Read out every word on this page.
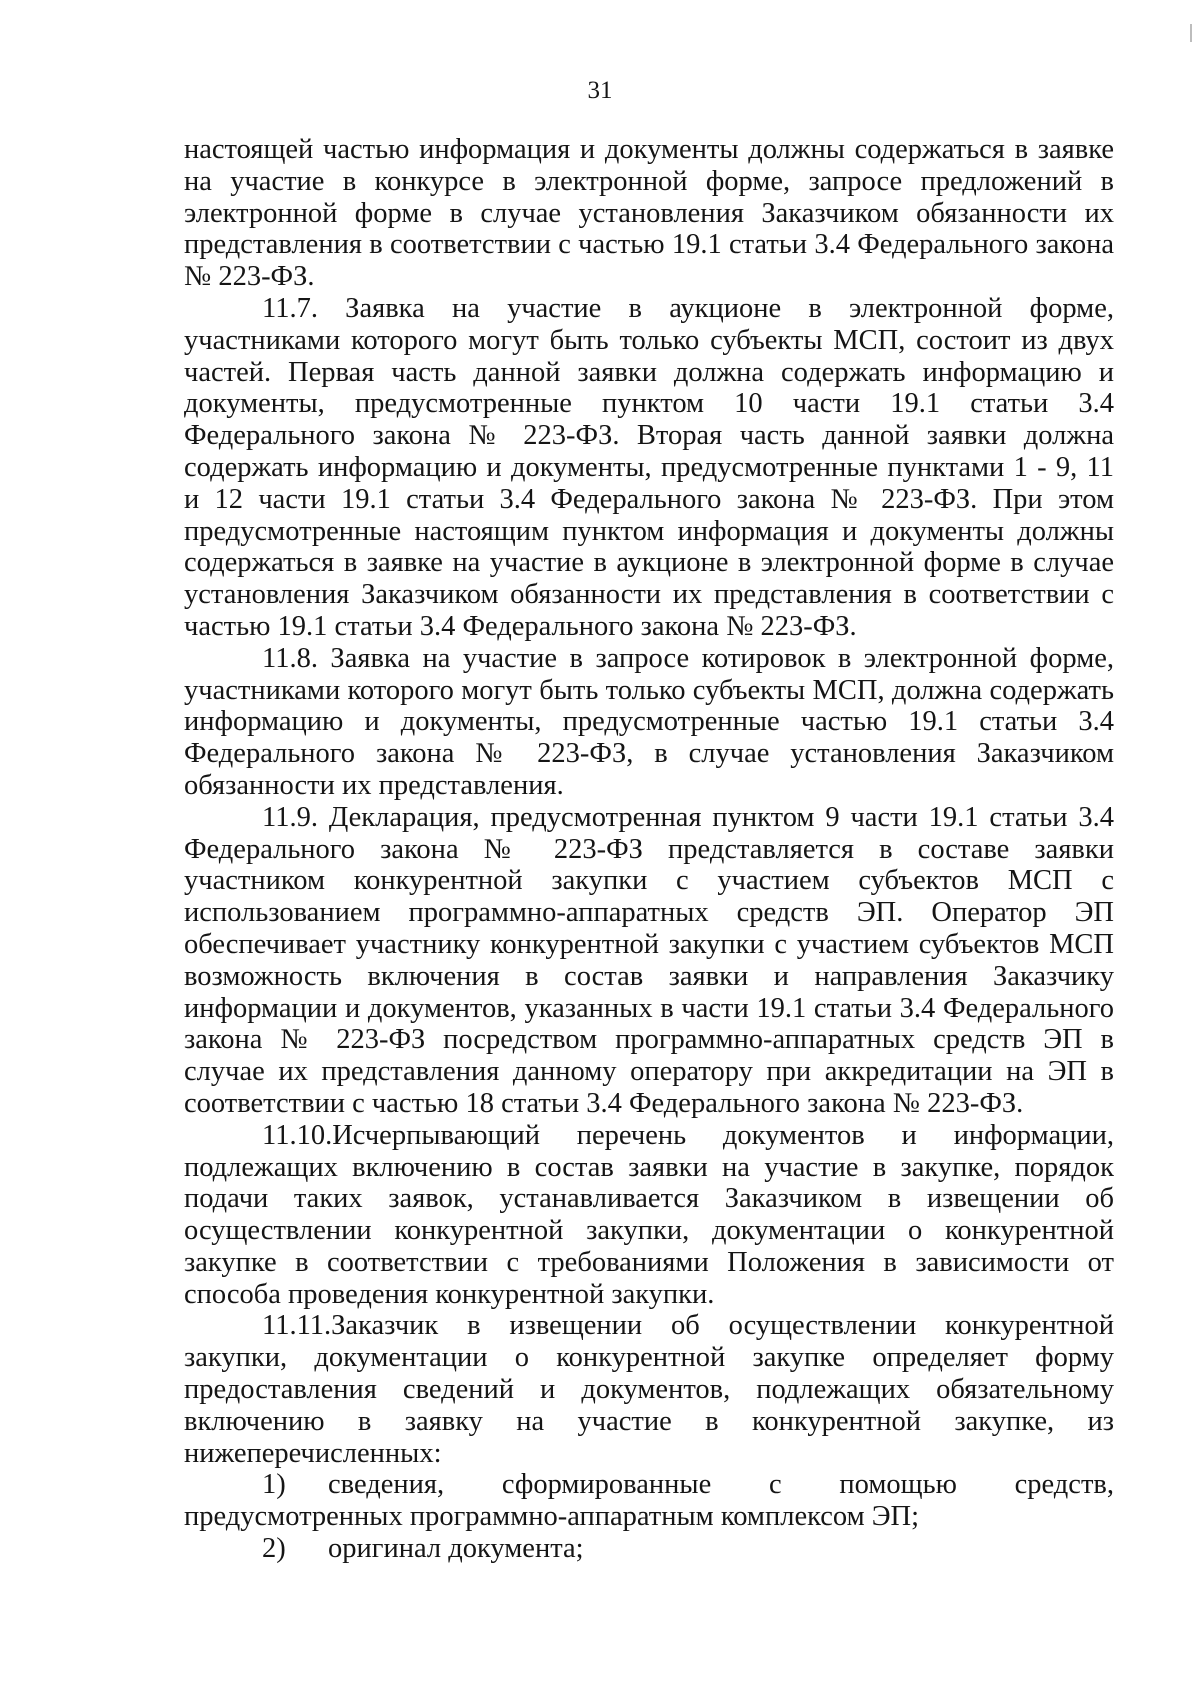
31

настоящей частью информация и документы должны содержаться в заявке на участие в конкурсе в электронной форме, запросе предложений в электронной форме в случае установления Заказчиком обязанности их представления в соответствии с частью 19.1 статьи 3.4 Федерального закона № 223-ФЗ.

11.7. Заявка на участие в аукционе в электронной форме, участниками которого могут быть только субъекты МСП, состоит из двух частей. Первая часть данной заявки должна содержать информацию и документы, предусмотренные пунктом 10 части 19.1 статьи 3.4 Федерального закона № 223-ФЗ. Вторая часть данной заявки должна содержать информацию и документы, предусмотренные пунктами 1 - 9, 11 и 12 части 19.1 статьи 3.4 Федерального закона № 223-ФЗ. При этом предусмотренные настоящим пунктом информация и документы должны содержаться в заявке на участие в аукционе в электронной форме в случае установления Заказчиком обязанности их представления в соответствии с частью 19.1 статьи 3.4 Федерального закона № 223-ФЗ.

11.8. Заявка на участие в запросе котировок в электронной форме, участниками которого могут быть только субъекты МСП, должна содержать информацию и документы, предусмотренные частью 19.1 статьи 3.4 Федерального закона № 223-ФЗ, в случае установления Заказчиком обязанности их представления.

11.9. Декларация, предусмотренная пунктом 9 части 19.1 статьи 3.4 Федерального закона № 223-ФЗ представляется в составе заявки участником конкурентной закупки с участием субъектов МСП с использованием программно-аппаратных средств ЭП. Оператор ЭП обеспечивает участнику конкурентной закупки с участием субъектов МСП возможность включения в состав заявки и направления Заказчику информации и документов, указанных в части 19.1 статьи 3.4 Федерального закона № 223-ФЗ посредством программно-аппаратных средств ЭП в случае их представления данному оператору при аккредитации на ЭП в соответствии с частью 18 статьи 3.4 Федерального закона № 223-ФЗ.

11.10.Исчерпывающий перечень документов и информации, подлежащих включению в состав заявки на участие в закупке, порядок подачи таких заявок, устанавливается Заказчиком в извещении об осуществлении конкурентной закупки, документации о конкурентной закупке в соответствии с требованиями Положения в зависимости от способа проведения конкурентной закупки.

11.11.Заказчик в извещении об осуществлении конкурентной закупки, документации о конкурентной закупке определяет форму предоставления сведений и документов, подлежащих обязательному включению в заявку на участие в конкурентной закупке, из нижеперечисленных:

1) сведения, сформированные с помощью средств, предусмотренных программно-аппаратным комплексом ЭП;

2) оригинал документа;
